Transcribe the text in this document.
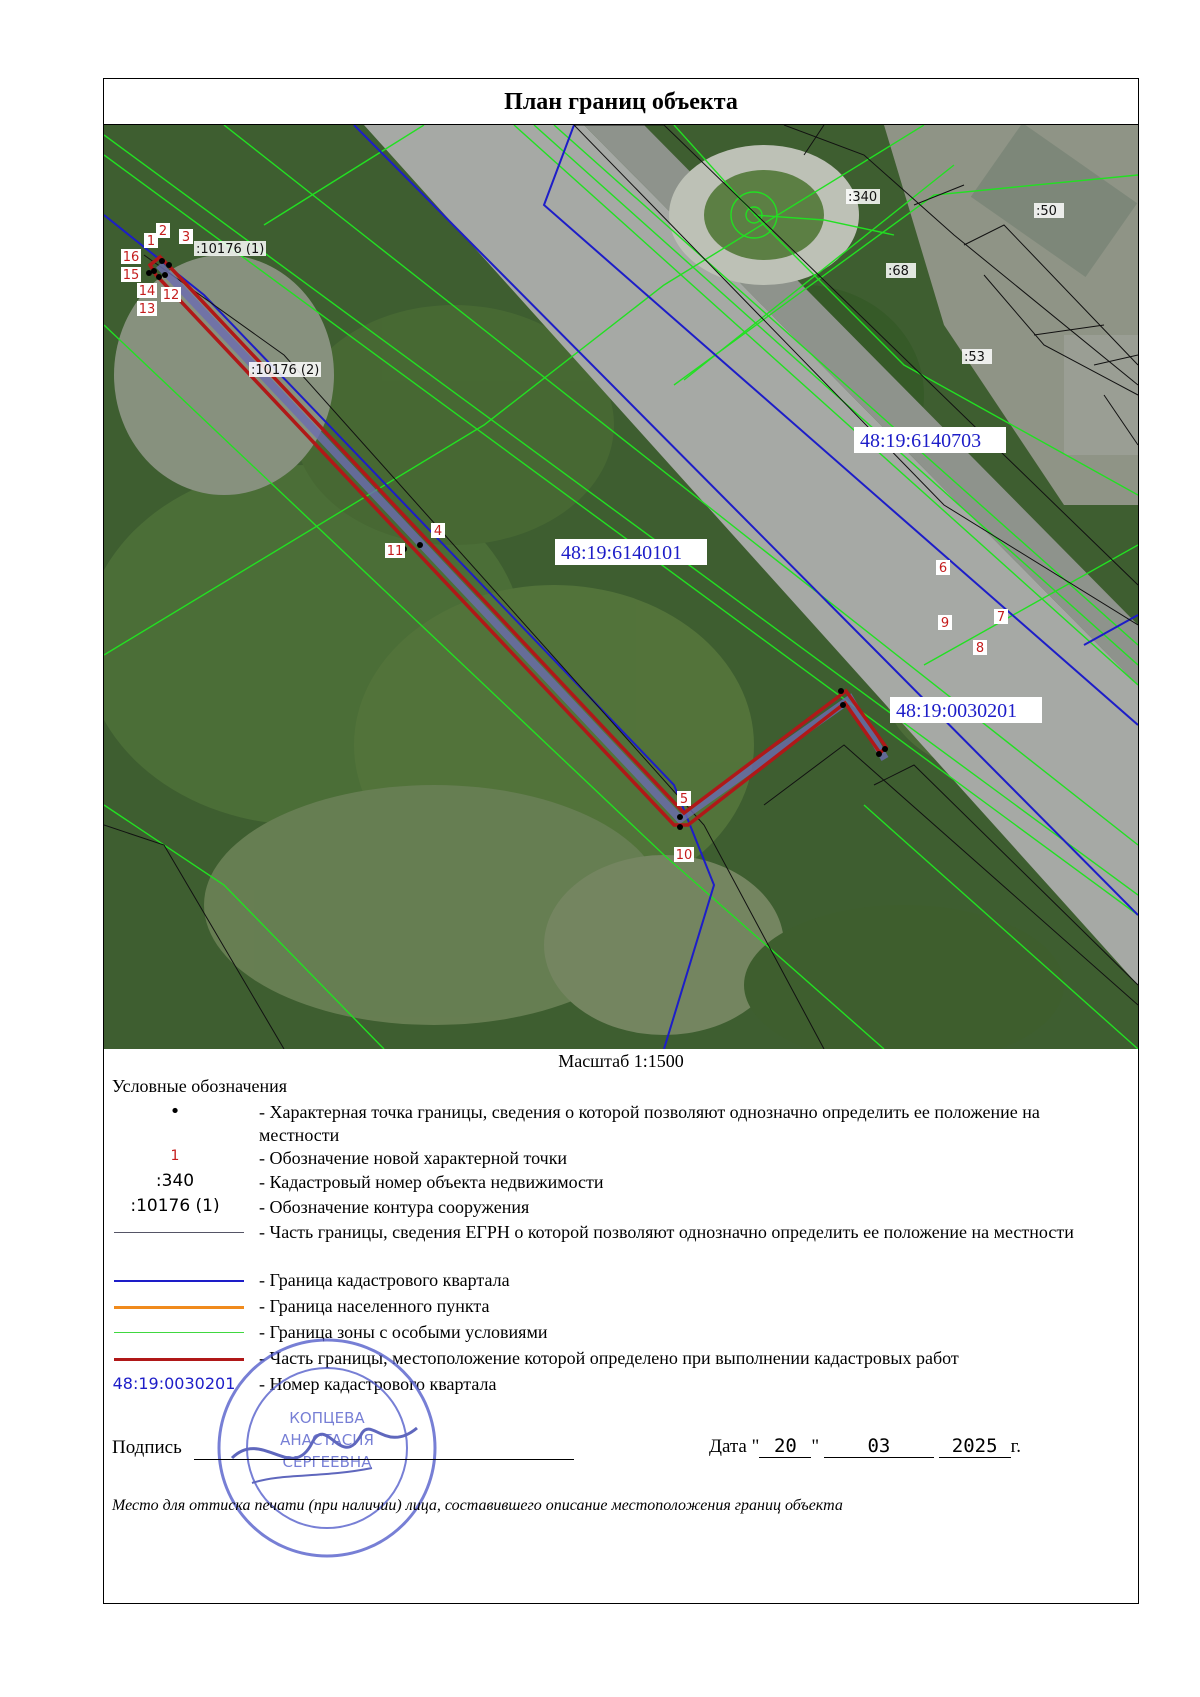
План границ объекта
1
2 3
4
5
6
7
8
9
10
11
12
13
14
15
16
:10176 (1)
:10176 (2)
:340
:50
:68
:53
48:19:6140703
48:19:6140101
48:19:0030201
Масштаб 1:1500
Условные обозначения
•	- Характерная точка границы, сведения о которой позволяют однозначно определить ее положение на местности
1	- Обозначение новой характерной точки
:340	- Кадастровый номер объекта недвижимости
:10176 (1)	- Обозначение контура сооружения
- Часть границы, сведения ЕГРН о которой позволяют однозначно определить ее положение на местности
- Граница кадастрового квартала
- Граница населенного пункта
- Граница зоны с особыми условиями
- Часть границы, местоположение которой определено при выполнении кадастровых работ
48:19:0030201	- Номер кадастрового квартала
КОПЦЕВА
АНАСТАСИЯ
СЕРГЕЕВНА
Подпись	Дата " 20 "	03	2025 г.
Место для оттиска печати (при наличии) лица, составившего описание местоположения границ объекта
